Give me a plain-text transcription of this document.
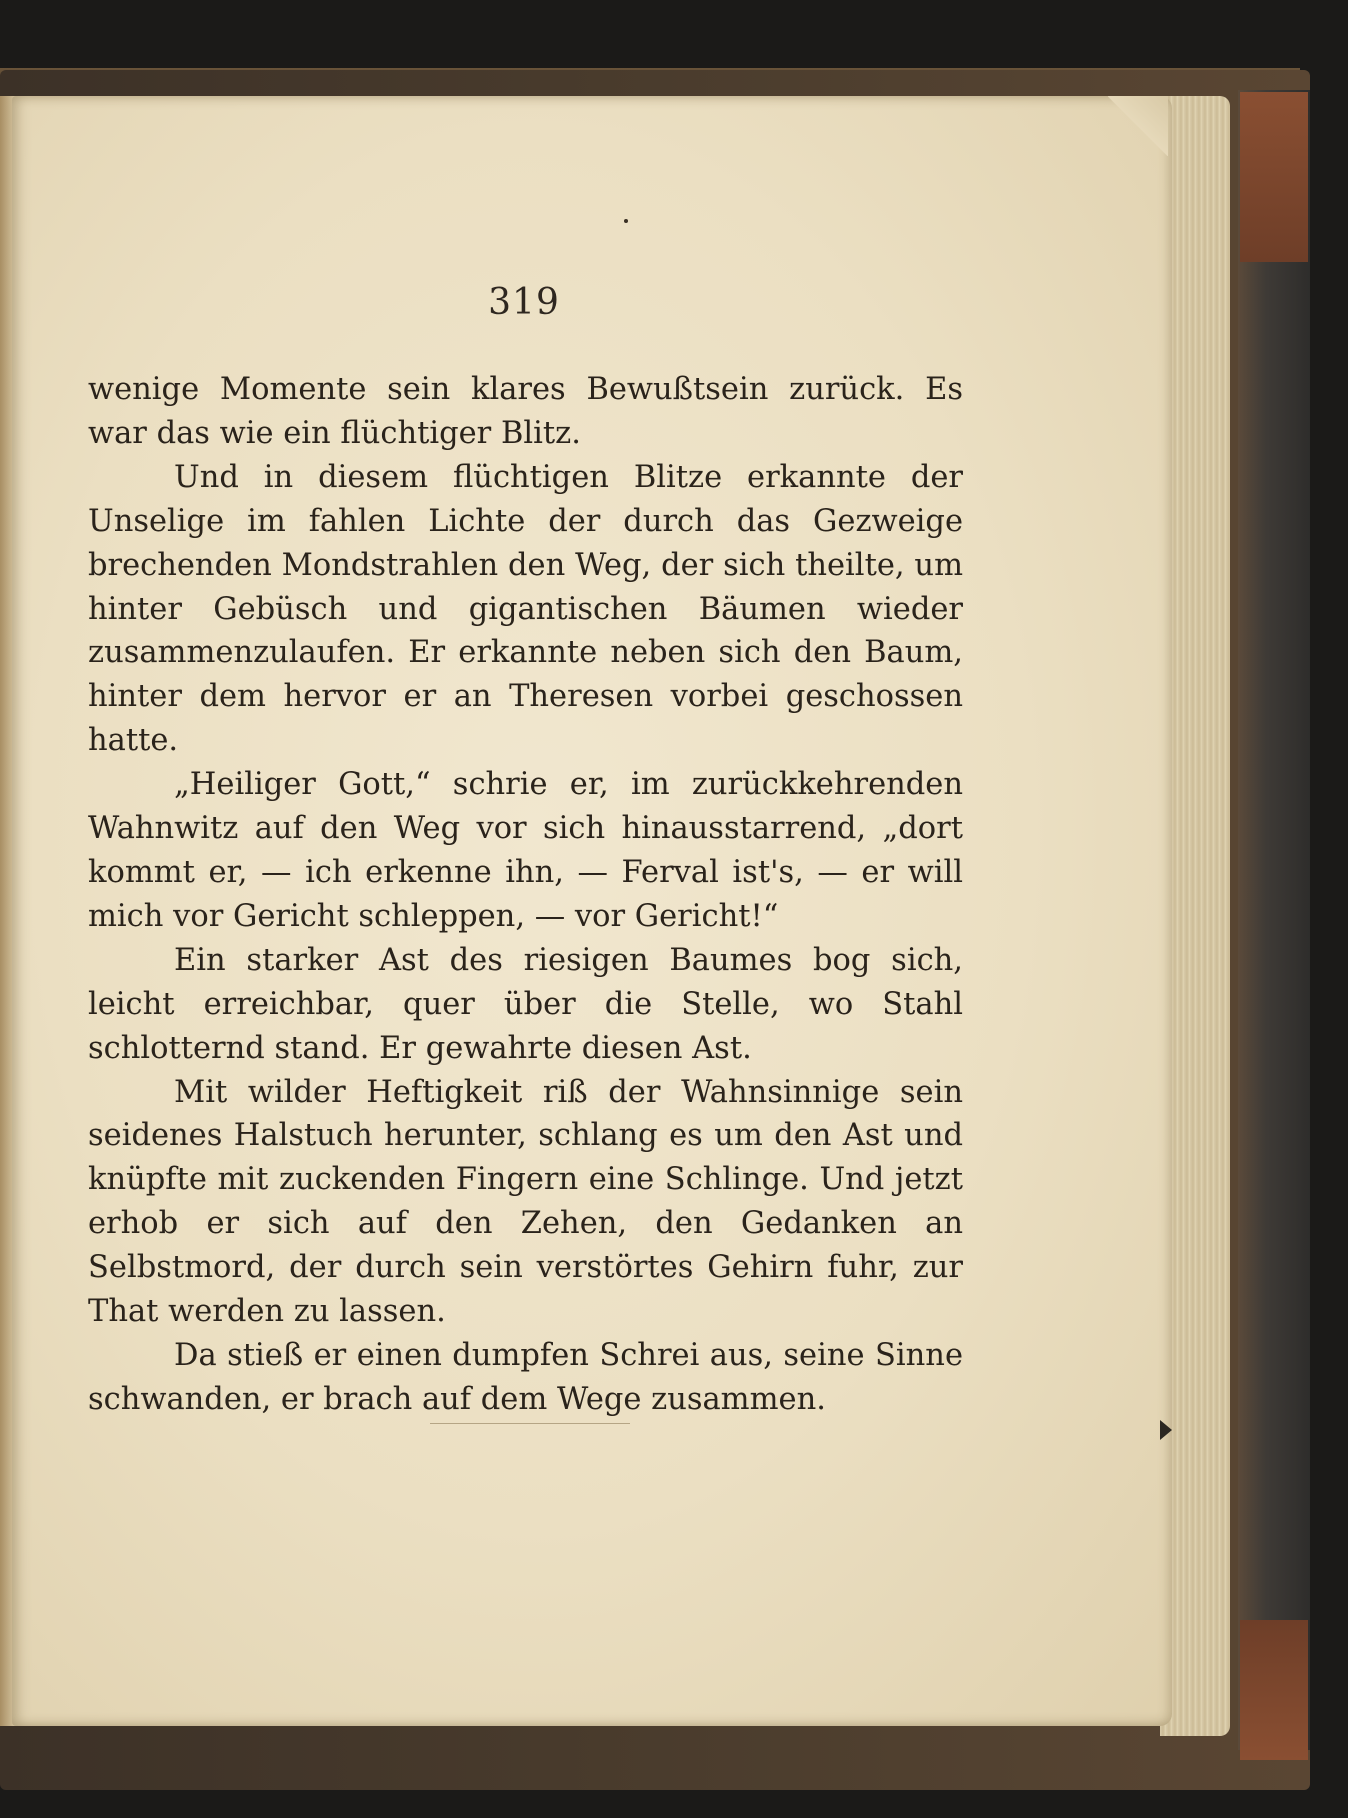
319

wenige Momente sein klares Bewußtsein zurück. Es war das wie ein flüchtiger Blitz.

Und in diesem flüchtigen Blitze erkannte der Unselige im fahlen Lichte der durch das Gezweige brechenden Mondstrahlen den Weg, der sich theilte, um hinter Gebüsch und gigantischen Bäumen wieder zusammenzulaufen. Er erkannte neben sich den Baum, hinter dem hervor er an Theresen vorbei geschossen hatte.

„Heiliger Gott,“ schrie er, im zurückkehrenden Wahnwitz auf den Weg vor sich hinausstarrend, „dort kommt er, — ich erkenne ihn, — Ferval ist's, — er will mich vor Gericht schleppen, — vor Gericht!“

Ein starker Ast des riesigen Baumes bog sich, leicht erreichbar, quer über die Stelle, wo Stahl schlotternd stand. Er gewahrte diesen Ast.

Mit wilder Heftigkeit riß der Wahnsinnige sein seidenes Halstuch herunter, schlang es um den Ast und knüpfte mit zuckenden Fingern eine Schlinge. Und jetzt erhob er sich auf den Zehen, den Gedanken an Selbstmord, der durch sein verstörtes Gehirn fuhr, zur That werden zu lassen.

Da stieß er einen dumpfen Schrei aus, seine Sinne schwanden, er brach auf dem Wege zusammen.
